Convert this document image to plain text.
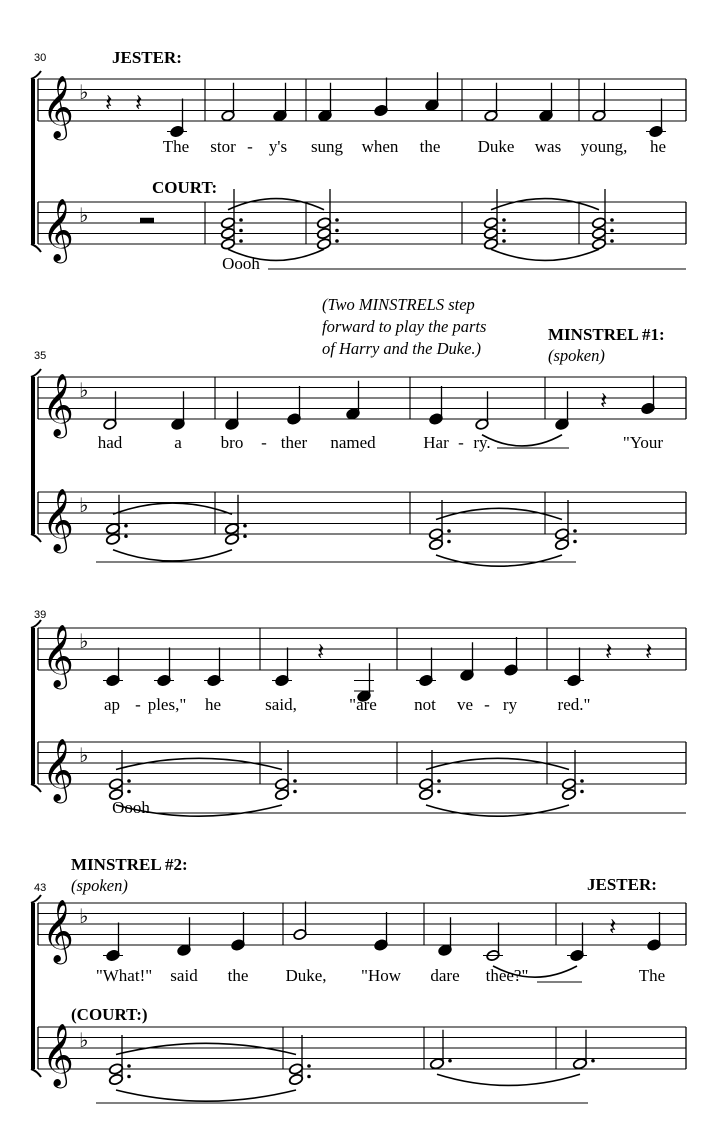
𝄞 ♭
𝄞 ♭
𝄞 ♭
𝄞 ♭
𝄞 ♭
𝄞 ♭
𝄞 ♭
𝄞 ♭
𝄽 𝄽
𝄽
𝄽	𝄽 𝄽
𝄽
30	JESTER:
COURT:
The stor - y's sung when the Duke was young, he
Oooh
35
(Two MINSTRELS step
forward to play the parts
of Harry and the Duke.)
MINSTREL #1:
(spoken)
had	a bro - ther named	Har - ry.	"Your
39
ap - ples," he	said,	"are not ve - ry red."
Oooh
MINSTREL #2:
(spoken)
43	JESTER:
(COURT:)
"What!" said the Duke, "How dare thee?"	The
